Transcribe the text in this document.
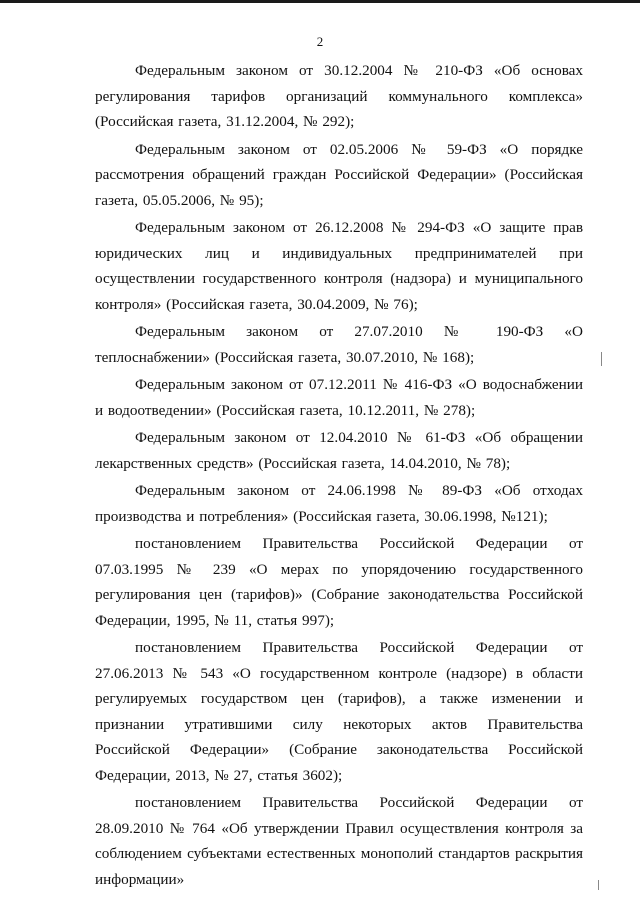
2

Федеральным законом от 30.12.2004 № 210-ФЗ «Об основах регулирования тарифов организаций коммунального комплекса» (Российская газета, 31.12.2004, № 292);

Федеральным законом от 02.05.2006 № 59-ФЗ «О порядке рассмотрения обращений граждан Российской Федерации» (Российская газета, 05.05.2006, № 95);

Федеральным законом от 26.12.2008 № 294-ФЗ «О защите прав юридических лиц и индивидуальных предпринимателей при осуществлении государственного контроля (надзора) и муниципального контроля» (Российская газета, 30.04.2009, № 76);

Федеральным законом от 27.07.2010 № 190-ФЗ «О теплоснабжении» (Российская газета, 30.07.2010, № 168);

Федеральным законом от 07.12.2011 № 416-ФЗ «О водоснабжении и водоотведении» (Российская газета, 10.12.2011, № 278);

Федеральным законом от 12.04.2010 № 61-ФЗ «Об обращении лекарственных средств» (Российская газета, 14.04.2010, № 78);

Федеральным законом от 24.06.1998 № 89-ФЗ «Об отходах производства и потребления» (Российская газета, 30.06.1998, №121);

постановлением Правительства Российской Федерации от 07.03.1995 № 239 «О мерах по упорядочению государственного регулирования цен (тарифов)» (Собрание законодательства Российской Федерации, 1995, № 11, статья 997);

постановлением Правительства Российской Федерации от 27.06.2013 № 543 «О государственном контроле (надзоре) в области регулируемых государством цен (тарифов), а также изменении и признании утратившими силу некоторых актов Правительства Российской Федерации» (Собрание законодательства Российской Федерации, 2013, № 27, статья 3602);

постановлением Правительства Российской Федерации от 28.09.2010 № 764 «Об утверждении Правил осуществления контроля за соблюдением субъектами естественных монополий стандартов раскрытия информации»
